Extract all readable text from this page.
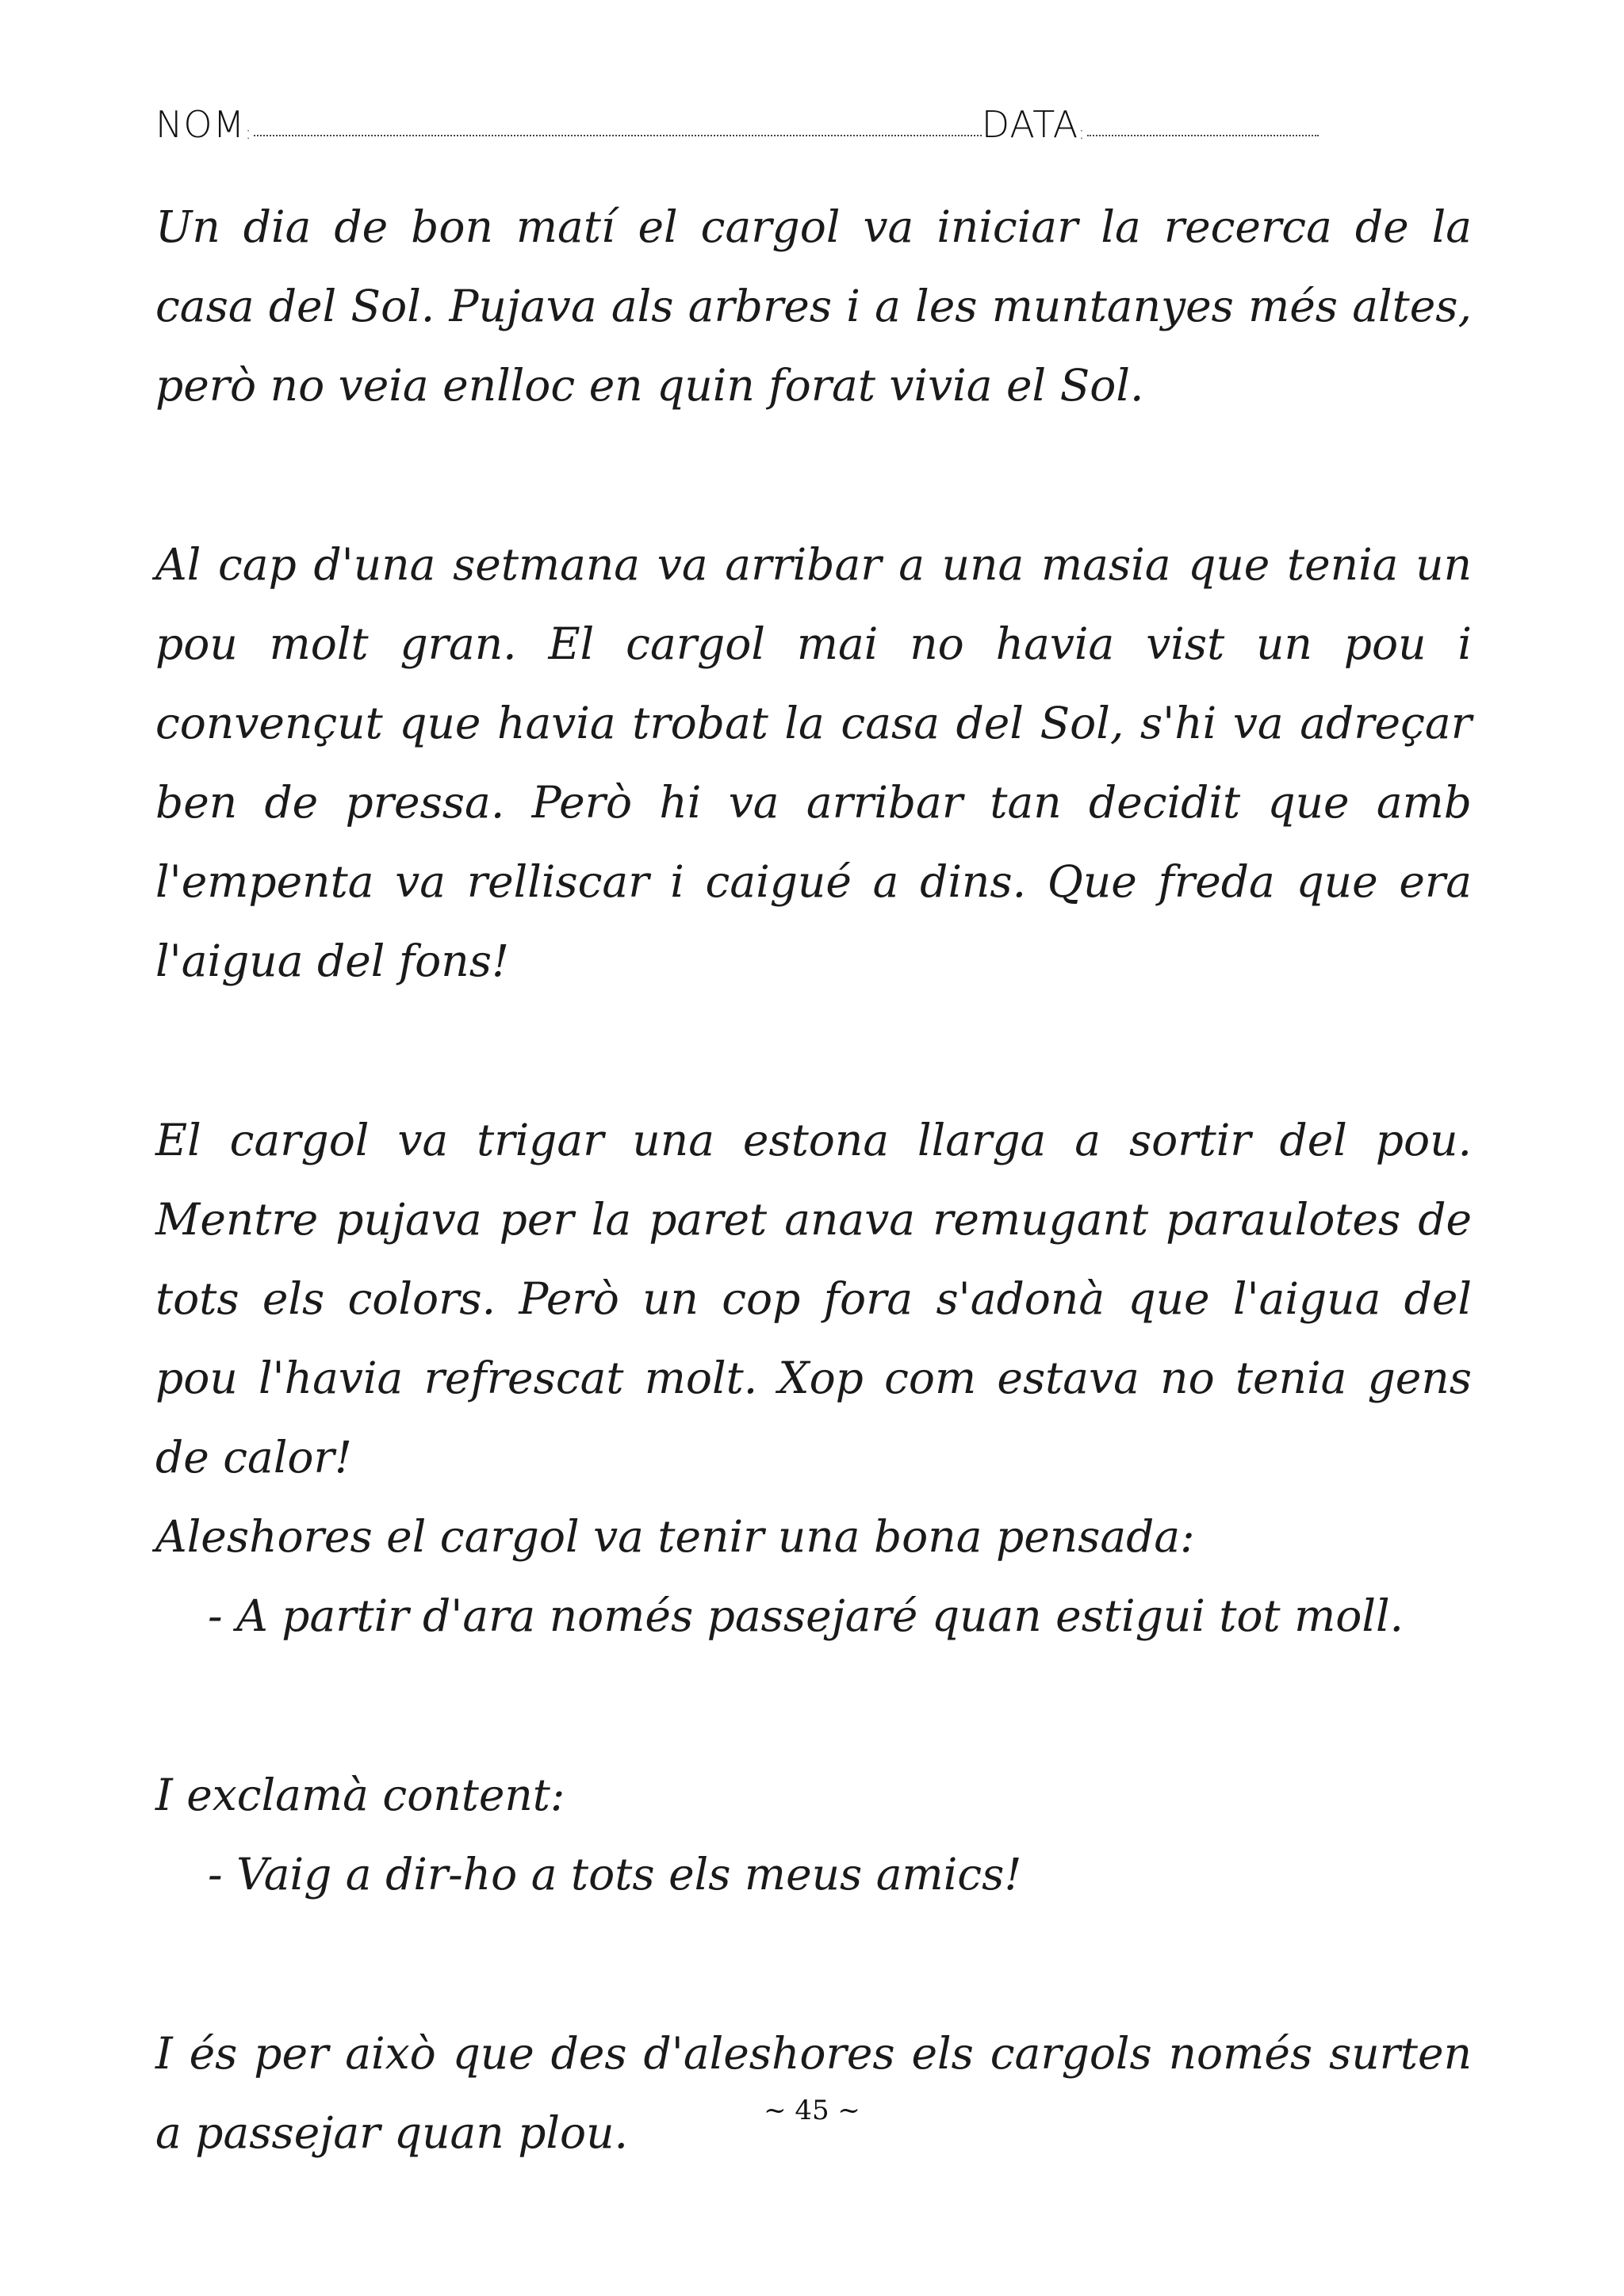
NOM :	DATA :

Un dia de bon matí el cargol va iniciar la recerca de la casa del Sol. Pujava als arbres i a les muntanyes més altes, però no veia enlloc en quin forat vivia el Sol.

Al cap d'una setmana va arribar a una masia que tenia un pou molt gran. El cargol mai no havia vist un pou i convençut que havia trobat la casa del Sol, s'hi va adreçar ben de pressa. Però hi va arribar tan decidit que amb l'empenta va relliscar i caigué a dins. Que freda que era l'aigua del fons!

El cargol va trigar una estona llarga a sortir del pou. Mentre pujava per la paret anava remugant paraulotes de tots els colors. Però un cop fora s'adonà que l'aigua del pou l'havia refrescat molt. Xop com estava no tenia gens de calor!

Aleshores el cargol va tenir una bona pensada:

- A partir d'ara només passejaré quan estigui tot moll.

I exclamà content:

- Vaig a dir-ho a tots els meus amics!

I és per això que des d'aleshores els cargols només surten a passejar quan plou.	~ 45 ~
